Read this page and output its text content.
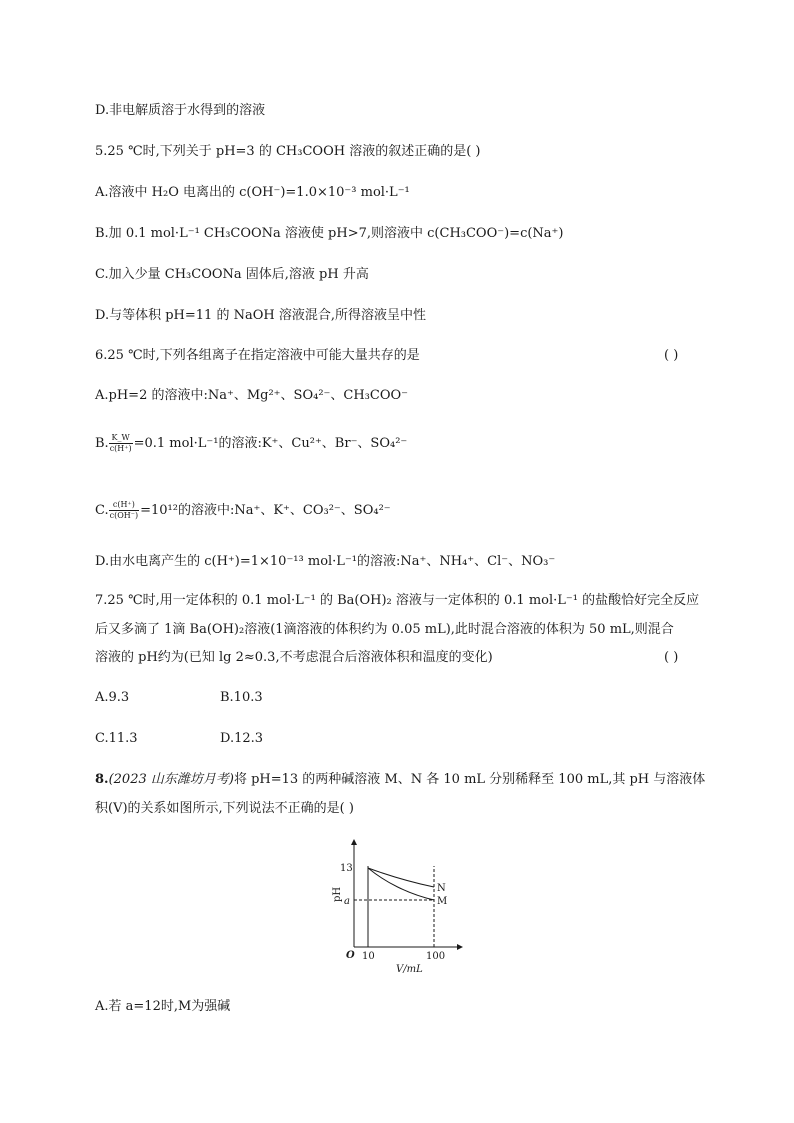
D.非电解质溶于水得到的溶液
5.25 ℃时,下列关于 pH=3 的 CH₃COOH 溶液的叙述正确的是( )
A.溶液中 H₂O 电离出的 c(OH⁻)=1.0×10⁻³ mol·L⁻¹
B.加 0.1 mol·L⁻¹ CH₃COONa 溶液使 pH>7,则溶液中 c(CH₃COO⁻)=c(Na⁺)
C.加入少量 CH₃COONa 固体后,溶液 pH 升高
D.与等体积 pH=11 的 NaOH 溶液混合,所得溶液呈中性
6.25 ℃时,下列各组离子在指定溶液中可能大量共存的是	( )
A.pH=2 的溶液中:Na⁺、Mg²⁺、SO₄²⁻、CH₃COO⁻
B. $\frac{K\_W}{c(H^+)} =0.1$ mol·L⁻¹的溶液:K⁺、Cu²⁺、Br⁻、SO₄²⁻
C. $\frac{c(H^+)}{c(OH^-)} =10^{12}$的溶液中:Na⁺、K⁺、CO₃²⁻、SO₄²⁻
D.由水电离产生的 c(H⁺)=1×10⁻¹³ mol·L⁻¹的溶液:Na⁺、NH₄⁺、Cl⁻、NO₃⁻
7.25 ℃时,用一定体积的 0.1 mol·L⁻¹ 的 Ba(OH)₂ 溶液与一定体积的 0.1 mol·L⁻¹ 的盐酸恰好完全反应
后又多滴了 1滴 Ba(OH)₂溶液(1滴溶液的体积约为 0.05 mL),此时混合溶液的体积为 50 mL,则混合
溶液的 pH约为(已知 lg 2≈0.3,不考虑混合后溶液体积和温度的变化)	( )
A.9.3	B.10.3
C.11.3	D.12.3
8.(2023 山东潍坊月考)将 pH=13 的两种碱溶液 M、N 各 10 mL 分别稀释至 100 mL,其 pH 与溶液体
积(V)的关系如图所示,下列说法不正确的是( )
13
a
pH
O 10	100
V/mL
N
M
A.若 a=12时,M为强碱
